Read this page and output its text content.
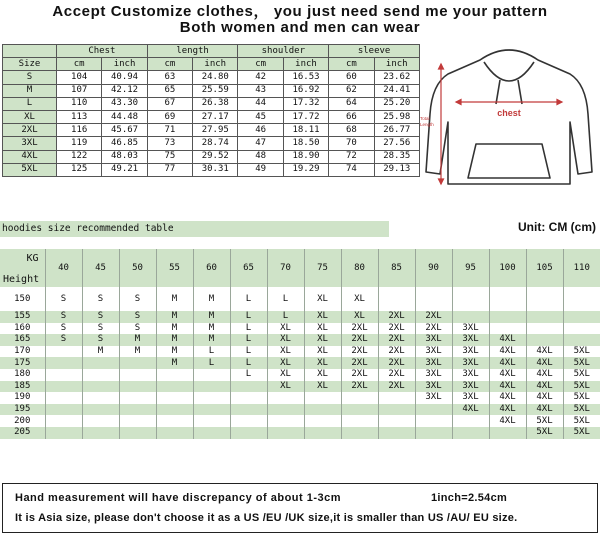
Accept Customize clothes， you just need send me your pattern
Both women and men can wear
	Chest		length		shoulder		sleeve	
Size	cm	inch	cm	inch	cm	inch	cm	inch
S	104	40.94	63	24.80	42	16.53	60	23.62
M	107	42.12	65	25.59	43	16.92	62	24.41
L	110	43.30	67	26.38	44	17.32	64	25.20
XL	113	44.48	69	27.17	45	17.72	66	25.98
2XL	116	45.67	71	27.95	46	18.11	68	26.77
3XL	119	46.85	73	28.74	47	18.50	70	27.56
4XL	122	48.03	75	29.52	48	18.90	72	28.35
5XL	125	49.21	77	30.31	49	19.29	74	29.13
chest
Total
Length
hoodies size recommended table	Unit: CM (cm)
KG
Height	40	45	50	55	60	65	70	75	80	85	90	95	100	105	110
150	S	S	S	M	M	L	L	XL	XL						
155	S	S	S	M	M	L	L	XL	XL	2XL	2XL				
160	S	S	S	M	M	L	XL	XL	2XL	2XL	2XL	3XL			
165	S	S	M	M	M	L	XL	XL	2XL	2XL	3XL	3XL	4XL		
170		M	M	M	L	L	XL	XL	2XL	2XL	3XL	3XL	4XL	4XL	5XL
175				M	L	L	XL	XL	2XL	2XL	3XL	3XL	4XL	4XL	5XL
180						L	XL	XL	2XL	2XL	3XL	3XL	4XL	4XL	5XL
185							XL	XL	2XL	2XL	3XL	3XL	4XL	4XL	5XL
190											3XL	3XL	4XL	4XL	5XL
195												4XL	4XL	4XL	5XL
200													4XL	5XL	5XL
205														5XL	5XL
Hand measurement will have discrepancy of about 1-3cm	1inch=2.54cm
It is Asia size, please don't choose it as a US /EU /UK size,it is smaller than US /AU/ EU size.
